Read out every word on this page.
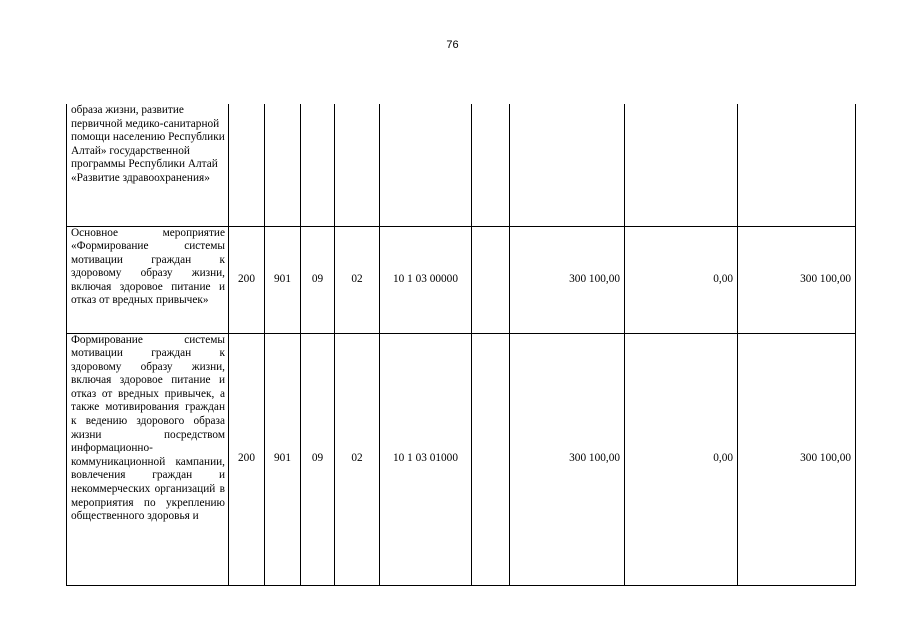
76
образа жизни, развитие первичной медико-санитарной помощи населению Республики Алтай» государственной программы Республики Алтай «Развитие здравоохранения»									
Основное мероприятие «Формирование системы мотивации граждан к здоровому образу жизни, включая здоровое питание и отказ от вредных привычек»	200	901	09	02	10 1 03 00000		300 100,00	0,00	300 100,00
Формирование системы мотивации граждан к здоровому образу жизни, включая здоровое питание и отказ от вредных привычек, а также мотивирования граждан к ведению здорового образа жизни посредством информационно-коммуникационной кампании, вовлечения граждан и некоммерческих организаций в мероприятия по укреплению общественного здоровья и	200	901	09	02	10 1 03 01000		300 100,00	0,00	300 100,00
